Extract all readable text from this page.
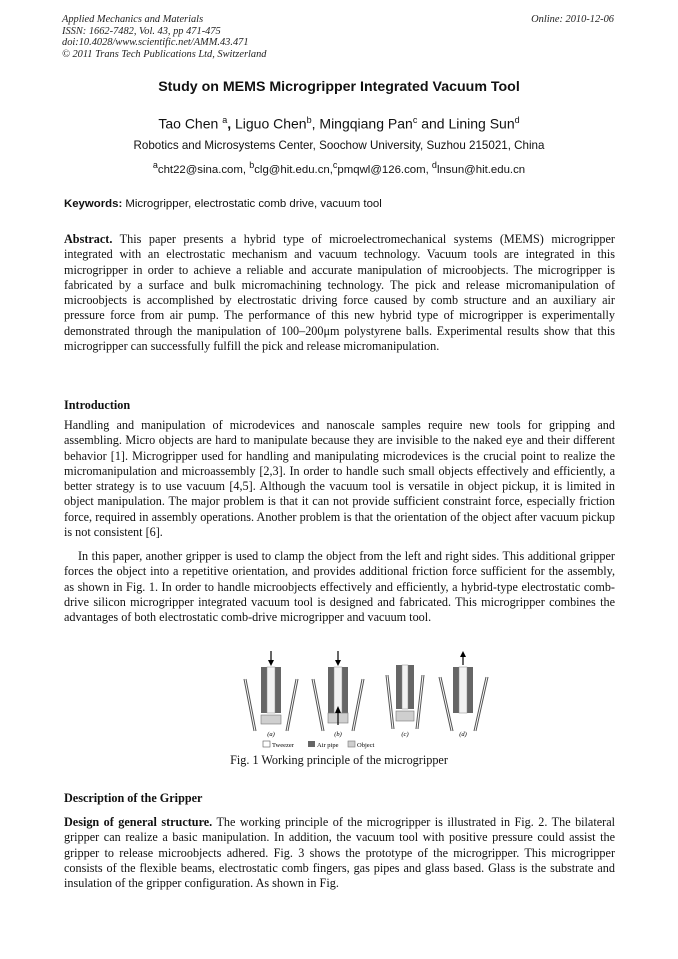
Applied Mechanics and Materials
ISSN: 1662-7482, Vol. 43, pp 471-475
doi:10.4028/www.scientific.net/AMM.43.471
© 2011 Trans Tech Publications Ltd, Switzerland
Online: 2010-12-06
Study on MEMS Microgripper Integrated Vacuum Tool
Tao Chen $^a$, Liguo Chen$^b$, Mingqiang Pan$^c$ and Lining Sun$^d$
Robotics and Microsystems Center, Soochow University, Suzhou 215021, China
$^a$cht22@sina.com, $^b$clg@hit.edu.cn,$^c$pmqwl@126.com, $^d$lnsun@hit.edu.cn
Keywords: Microgripper, electrostatic comb drive, vacuum tool
Abstract. This paper presents a hybrid type of microelectromechanical systems (MEMS) microgripper integrated with an electrostatic mechanism and vacuum technology. Vacuum tools are integrated in this microgripper in order to achieve a reliable and accurate manipulation of microobjects. The microgripper is fabricated by a surface and bulk micromachining technology. The pick and release micromanipulation of microobjects is accomplished by electrostatic driving force caused by comb structure and an auxiliary air pressure force from air pump. The performance of this new hybrid type of microgripper is experimentally demonstrated through the manipulation of 100–200μm polystyrene balls. Experimental results show that this microgripper can successfully fulfill the pick and release micromanipulation.
Introduction
Handling and manipulation of microdevices and nanoscale samples require new tools for gripping and assembling. Micro objects are hard to manipulate because they are invisible to the naked eye and their different behavior [1]. Microgripper used for handling and manipulating microdevices is the crucial point to realize the micromanipulation and microassembly [2,3]. In order to handle such small objects effectively and efficiently, a better strategy is to use vacuum [4,5]. Although the vacuum tool is versatile in object pickup, it is limited in object manipulation. The major problem is that it can not provide sufficient constraint force, especially friction force, required in assembly operations. Another problem is that the orientation of the object after vacuum pickup is not consistent [6].
In this paper, another gripper is used to clamp the object from the left and right sides. This additional gripper forces the object into a repetitive orientation, and provides additional friction force sufficient for the assembly, as shown in Fig. 1. In order to handle microobjects effectively and efficiently, a hybrid-type electrostatic comb-drive silicon microgripper integrated vacuum tool is designed and fabricated. This microgripper combines the advantages of both electrostatic comb-drive microgripper and vacuum tool.
(a)	(b)	(c)	(d)
Tweezer	Air pipe	Object
Fig. 1 Working principle of the microgripper
Description of the Gripper
Design of general structure. The working principle of the microgripper is illustrated in Fig. 2. The bilateral gripper can realize a basic manipulation. In addition, the vacuum tool with positive pressure could assist the gripper to release microobjects adhered. Fig. 3 shows the prototype of the microgripper. This microgripper consists of the flexible beams, electrostatic comb fingers, gas pipes and glass based. Glass is the substrate and insulation of the gripper configuration. As shown in Fig.
